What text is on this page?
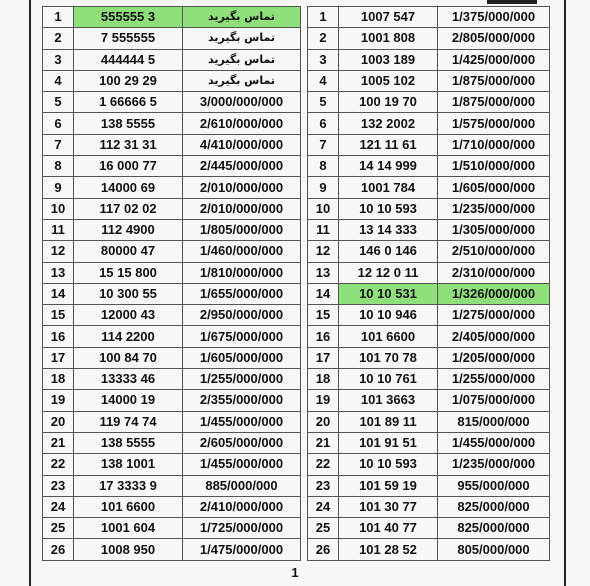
1	555555 3	تماس بگیرید
2	7 555555	تماس بگیرید
3	444444 5	تماس بگیرید
4	100 29 29	تماس بگیرید
5	1 66666 5	3/000/000/000
6	138 5555	2/610/000/000
7	112 31 31	4/410/000/000
8	16 000 77	2/445/000/000
9	14000 69	2/010/000/000
10	117 02 02	2/010/000/000
11	112 4900	1/805/000/000
12	80000 47	1/460/000/000
13	15 15 800	1/810/000/000
14	10 300 55	1/655/000/000
15	12000 43	2/950/000/000
16	114 2200	1/675/000/000
17	100 84 70	1/605/000/000
18	13333 46	1/255/000/000
19	14000 19	2/355/000/000
20	119 74 74	1/455/000/000
21	138 5555	2/605/000/000
22	138 1001	1/455/000/000
23	17 3333 9	885/000/000
24	101 6600	2/410/000/000
25	1001 604	1/725/000/000
26	1008 950	1/475/000/000
1	1007 547	1/375/000/000
2	1001 808	2/805/000/000
3	1003 189	1/425/000/000
4	1005 102	1/875/000/000
5	100 19 70	1/875/000/000
6	132 2002	1/575/000/000
7	121 11 61	1/710/000/000
8	14 14 999	1/510/000/000
9	1001 784	1/605/000/000
10	10 10 593	1/235/000/000
11	13 14 333	1/305/000/000
12	146 0 146	2/510/000/000
13	12 12 0 11	2/310/000/000
14	10 10 531	1/326/000/000
15	10 10 946	1/275/000/000
16	101 6600	2/405/000/000
17	101 70 78	1/205/000/000
18	10 10 761	1/255/000/000
19	101 3663	1/075/000/000
20	101 89 11	815/000/000
21	101 91 51	1/455/000/000
22	10 10 593	1/235/000/000
23	101 59 19	955/000/000
24	101 30 77	825/000/000
25	101 40 77	825/000/000
26	101 28 52	805/000/000
1
